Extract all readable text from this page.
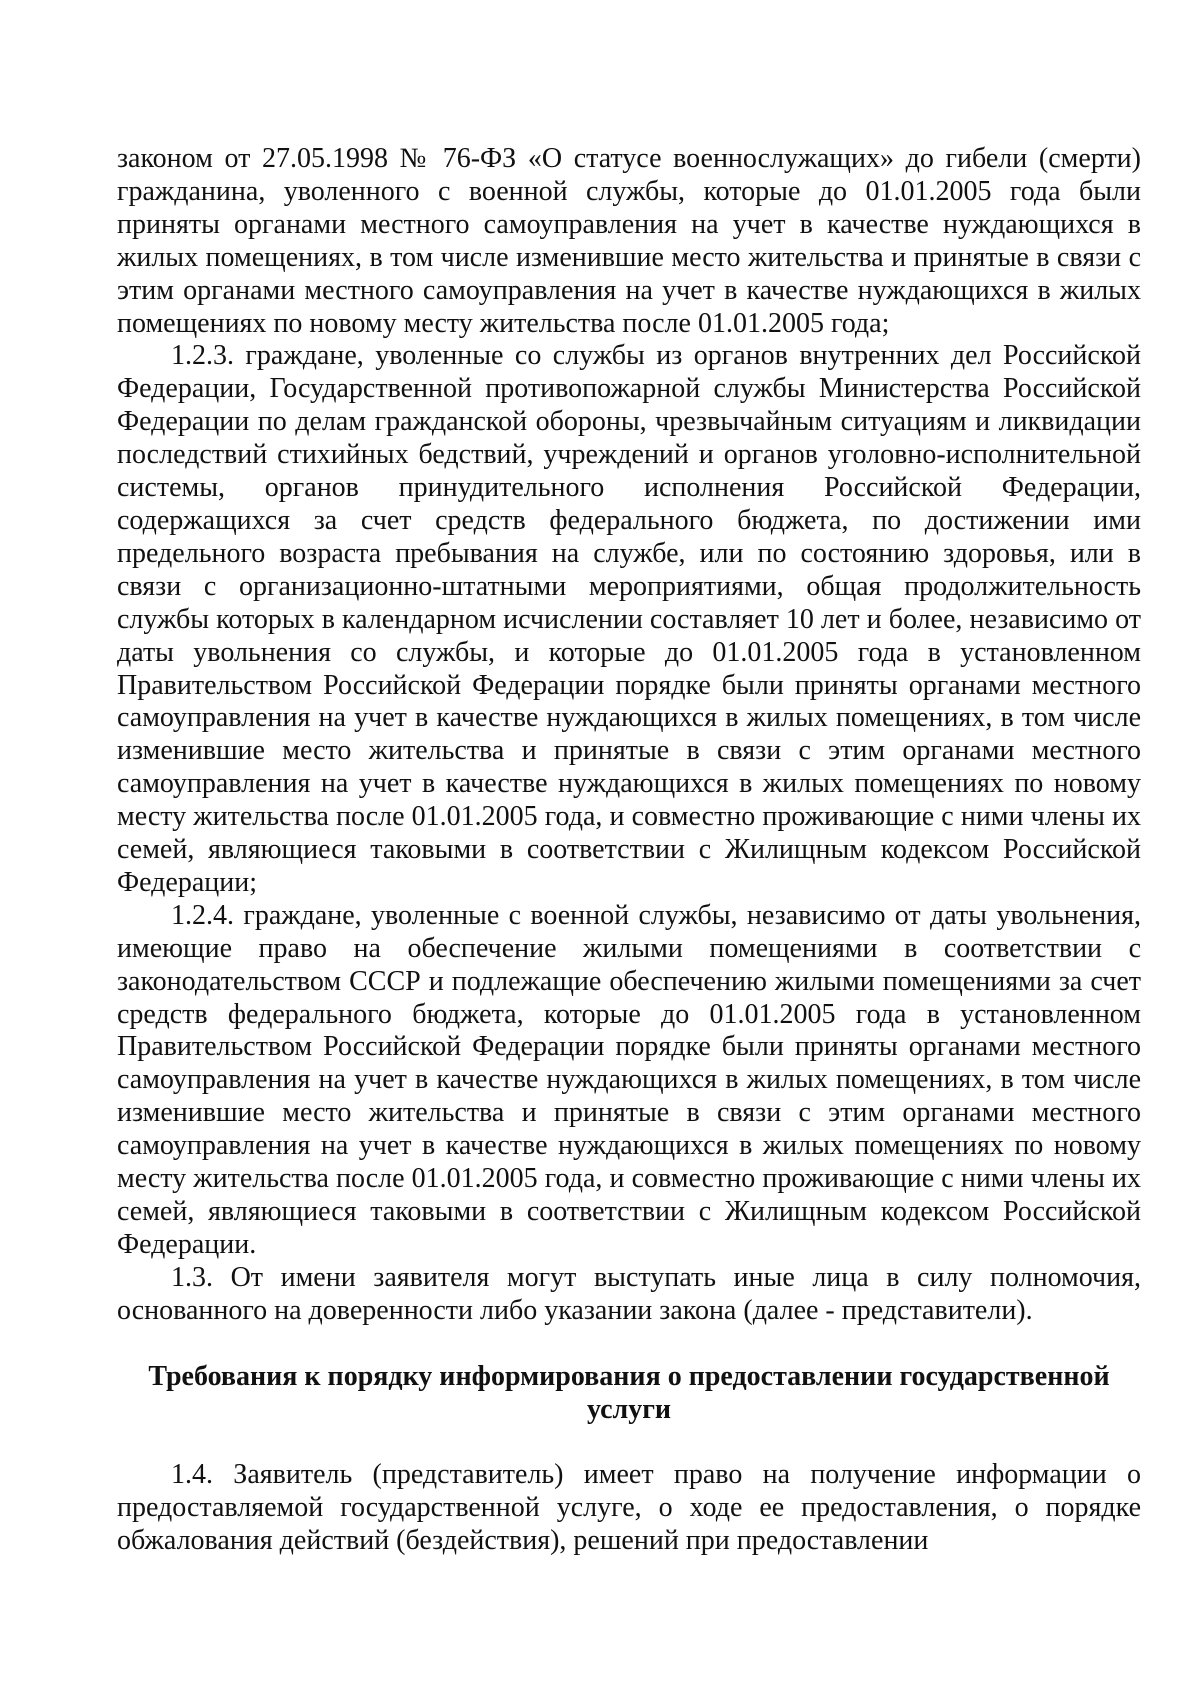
законом от 27.05.1998 № 76-ФЗ «О статусе военнослужащих» до гибели (смерти) гражданина, уволенного с военной службы, которые до 01.01.2005 года были приняты органами местного самоуправления на учет в качестве нуждающихся в жилых помещениях, в том числе изменившие место жительства и принятые в связи с этим органами местного самоуправления на учет в качестве нуждающихся в жилых помещениях по новому месту жительства после 01.01.2005 года;

1.2.3. граждане, уволенные со службы из органов внутренних дел Российской Федерации, Государственной противопожарной службы Министерства Российской Федерации по делам гражданской обороны, чрезвычайным ситуациям и ликвидации последствий стихийных бедствий, учреждений и органов уголовно-исполнительной системы, органов принудительного исполнения Российской Федерации, содержащихся за счет средств федерального бюджета, по достижении ими предельного возраста пребывания на службе, или по состоянию здоровья, или в связи с организационно-штатными мероприятиями, общая продолжительность службы которых в календарном исчислении составляет 10 лет и более, независимо от даты увольнения со службы, и которые до 01.01.2005 года в установленном Правительством Российской Федерации порядке были приняты органами местного самоуправления на учет в качестве нуждающихся в жилых помещениях, в том числе изменившие место жительства и принятые в связи с этим органами местного самоуправления на учет в качестве нуждающихся в жилых помещениях по новому месту жительства после 01.01.2005 года, и совместно проживающие с ними члены их семей, являющиеся таковыми в соответствии с Жилищным кодексом Российской Федерации;

1.2.4. граждане, уволенные с военной службы, независимо от даты увольнения, имеющие право на обеспечение жилыми помещениями в соответствии с законодательством СССР и подлежащие обеспечению жилыми помещениями за счет средств федерального бюджета, которые до 01.01.2005 года в установленном Правительством Российской Федерации порядке были приняты органами местного самоуправления на учет в качестве нуждающихся в жилых помещениях, в том числе изменившие место жительства и принятые в связи с этим органами местного самоуправления на учет в качестве нуждающихся в жилых помещениях по новому месту жительства после 01.01.2005 года, и совместно проживающие с ними члены их семей, являющиеся таковыми в соответствии с Жилищным кодексом Российской Федерации.

1.3. От имени заявителя могут выступать иные лица в силу полномочия, основанного на доверенности либо указании закона (далее - представители).

Требования к порядку информирования о предоставлении государственной услуги

1.4. Заявитель (представитель) имеет право на получение информации о предоставляемой государственной услуге, о ходе ее предоставления, о порядке обжалования действий (бездействия), решений при предоставлении
